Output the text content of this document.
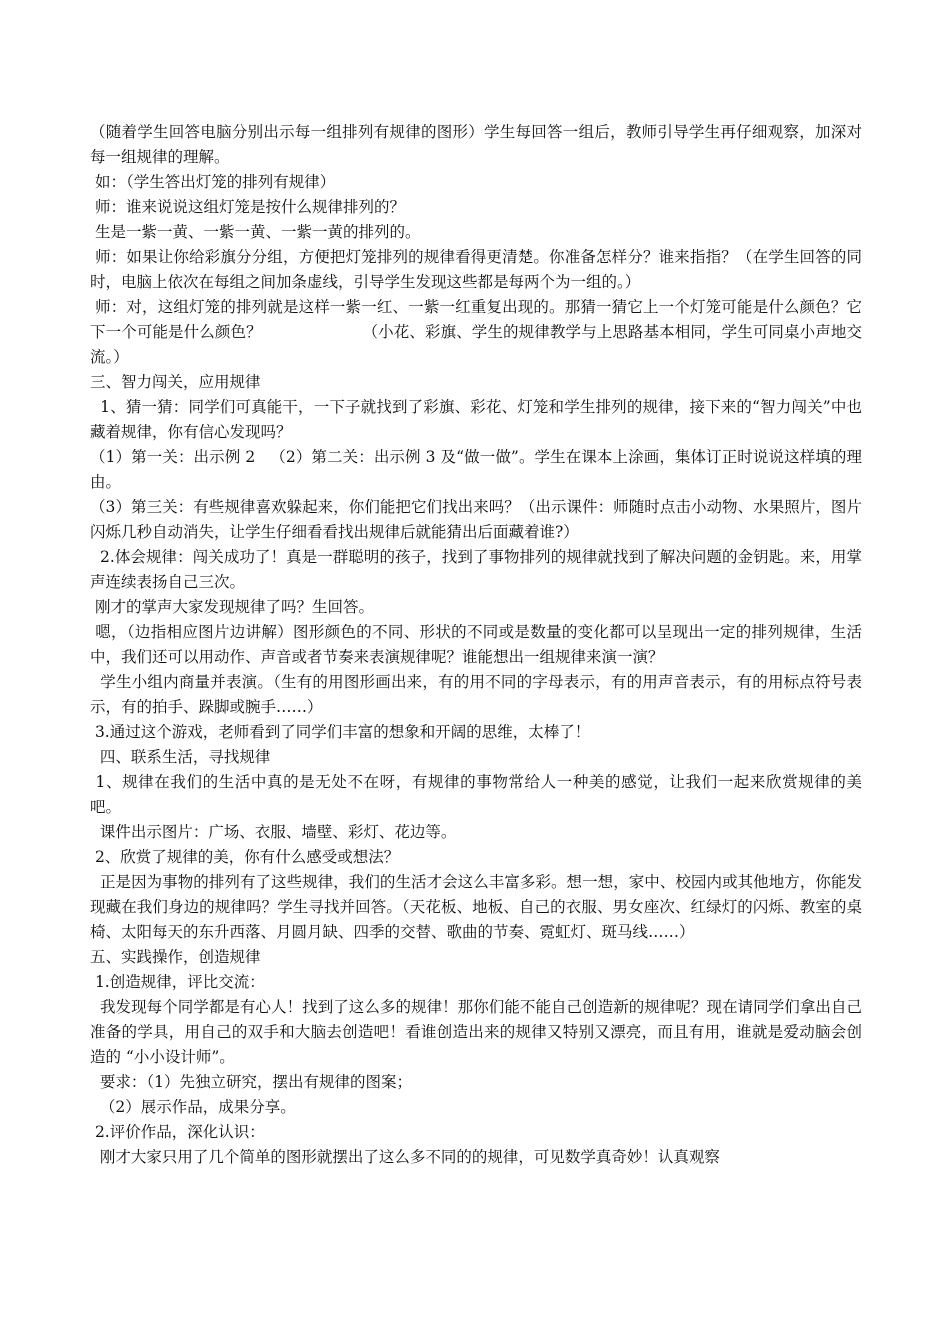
（随着学生回答电脑分别出示每一组排列有规律的图形）学生每回答一组后，教师引导学生再仔细观察，加深对每一组规律的理解。

如：（学生答出灯笼的排列有规律）

师：谁来说说这组灯笼是按什么规律排列的？

生是一紫一黄、一紫一黄、一紫一黄的排列的。

师：如果让你给彩旗分分组，方便把灯笼排列的规律看得更清楚。你准备怎样分？谁来指指？（在学生回答的同时，电脑上依次在每组之间加条虚线，引导学生发现这些都是每两个为一组的。）

师：对，这组灯笼的排列就是这样一紫一红、一紫一红重复出现的。那猜一猜它上一个灯笼可能是什么颜色？它下一个可能是什么颜色？                    （小花、彩旗、学生的规律教学与上思路基本相同，学生可同桌小声地交流。）

三、智力闯关，应用规律

1、猜一猜：同学们可真能干，一下子就找到了彩旗、彩花、灯笼和学生排列的规律，接下来的“智力闯关”中也藏着规律，你有信心发现吗？

（1）第一关：出示例 2   （2）第二关：出示例 3 及“做一做”。学生在课本上涂画，集体订正时说说这样填的理由。

（3）第三关：有些规律喜欢躲起来，你们能把它们找出来吗？（出示课件：师随时点击小动物、水果照片，图片闪烁几秒自动消失，让学生仔细看看找出规律后就能猜出后面藏着谁?）

2.体会规律：闯关成功了！真是一群聪明的孩子，找到了事物排列的规律就找到了解决问题的金钥匙。来，用掌声连续表扬自己三次。

刚才的掌声大家发现规律了吗？生回答。

嗯，（边指相应图片边讲解）图形颜色的不同、形状的不同或是数量的变化都可以呈现出一定的排列规律，生活中，我们还可以用动作、声音或者节奏来表演规律呢？谁能想出一组规律来演一演？

学生小组内商量并表演。（生有的用图形画出来，有的用不同的字母表示，有的用声音表示，有的用标点符号表示，有的拍手、跺脚或腕手……）

3.通过这个游戏，老师看到了同学们丰富的想象和开阔的思维，太棒了！

四、联系生活，寻找规律

1、规律在我们的生活中真的是无处不在呀，有规律的事物常给人一种美的感觉，让我们一起来欣赏规律的美吧。

课件出示图片：广场、衣服、墙壁、彩灯、花边等。

2、欣赏了规律的美，你有什么感受或想法？

正是因为事物的排列有了这些规律，我们的生活才会这么丰富多彩。想一想，家中、校园内或其他地方，你能发现藏在我们身边的规律吗？学生寻找并回答。（天花板、地板、自己的衣服、男女座次、红绿灯的闪烁、教室的桌椅、太阳每天的东升西落、月圆月缺、四季的交替、歌曲的节奏、霓虹灯、斑马线……）

五、实践操作，创造规律

1.创造规律，评比交流：

我发现每个同学都是有心人！找到了这么多的规律！那你们能不能自己创造新的规律呢？现在请同学们拿出自己准备的学具，用自己的双手和大脑去创造吧！看谁创造出来的规律又特别又漂亮，而且有用，谁就是爱动脑会创造的 “小小设计师”。

要求：（1）先独立研究，摆出有规律的图案；

（2）展示作品，成果分享。

2.评价作品，深化认识：

刚才大家只用了几个简单的图形就摆出了这么多不同的的规律，可见数学真奇妙！认真观察
